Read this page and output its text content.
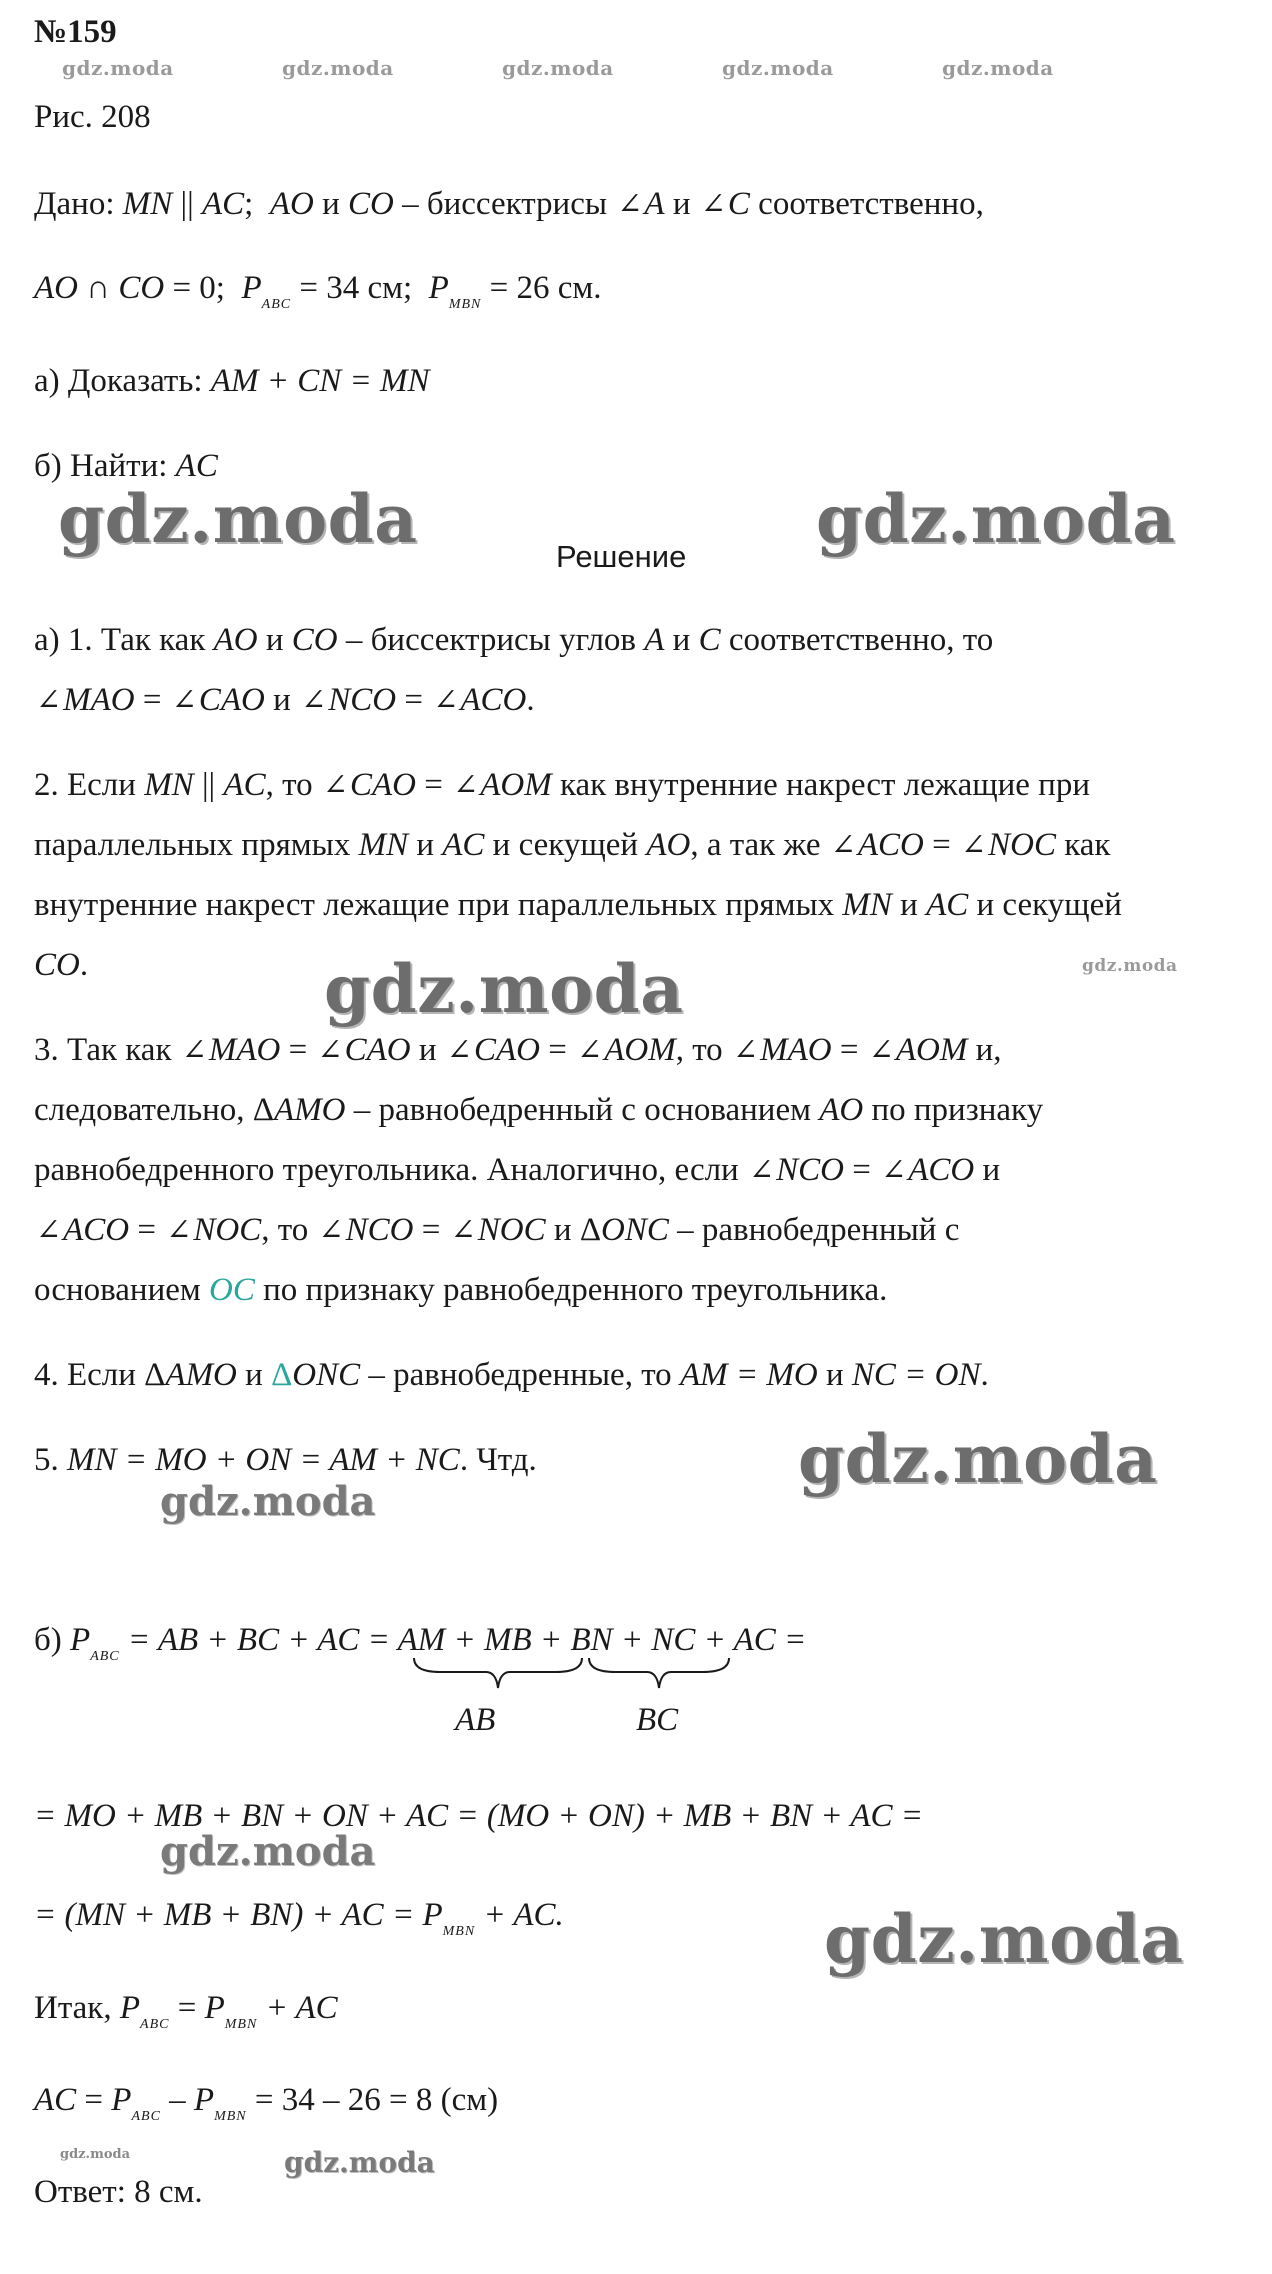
№159
gdz.moda	gdz.moda	gdz.moda	gdz.moda	gdz.moda
Рис. 208
Дано: MN || AC;  AO и CO – биссектрисы ∠A и ∠C соответственно,
AO ∩ CO = 0; $P_{ABC} = 34$ см; $P_{MBN} = 26$ см.
а) Доказать: AM + CN = MN
б) Найти: AC
gdz.moda	gdz.moda
Решение
а) 1. Так как AO и CO – биссектрисы углов A и C соответственно, то
∠MAO = ∠CAO и ∠NCO = ∠ACO.
2. Если MN || AC, то ∠CAO = ∠AOM как внутренние накрест лежащие при
параллельных прямых MN и AC и секущей AO, а так же ∠ACO = ∠NOC как
внутренние накрест лежащие при параллельных прямых MN и AC и секущей
CO.	gdz.moda
gdz.moda
3. Так как ∠MAO = ∠CAO и ∠CAO = ∠AOM, то ∠MAO = ∠AOM и,
следовательно, ΔAMO – равнобедренный с основанием AO по признаку
равнобедренного треугольника. Аналогично, если ∠NCO = ∠ACO и
∠ACO = ∠NOC, то ∠NCO = ∠NOC и ΔONC – равнобедренный с
основанием OC по признаку равнобедренного треугольника.
4. Если ΔAMO и ΔONC – равнобедренные, то AM = MO и NC = ON.
5. MN = MO + ON = AM + NC. Чтд.	gdz.moda
gdz.moda
б) $P_{ABC}$ = AB + BC + AC = AM + MB + BN + NC + AC =
AB	BC
= MO + MB + BN + ON + AC = (MO + ON) + MB + BN + AC =
gdz.moda
= (MN + MB + BN) + AC = $P_{MBN}$ + AC.	gdz.moda
Итак, $P_{ABC} = P_{MBN}$ + AC
AC = $P_{ABC} - P_{MBN} = 34 - 26 = 8$ (см)
gdz.moda	gdz.moda
Ответ: 8 см.
